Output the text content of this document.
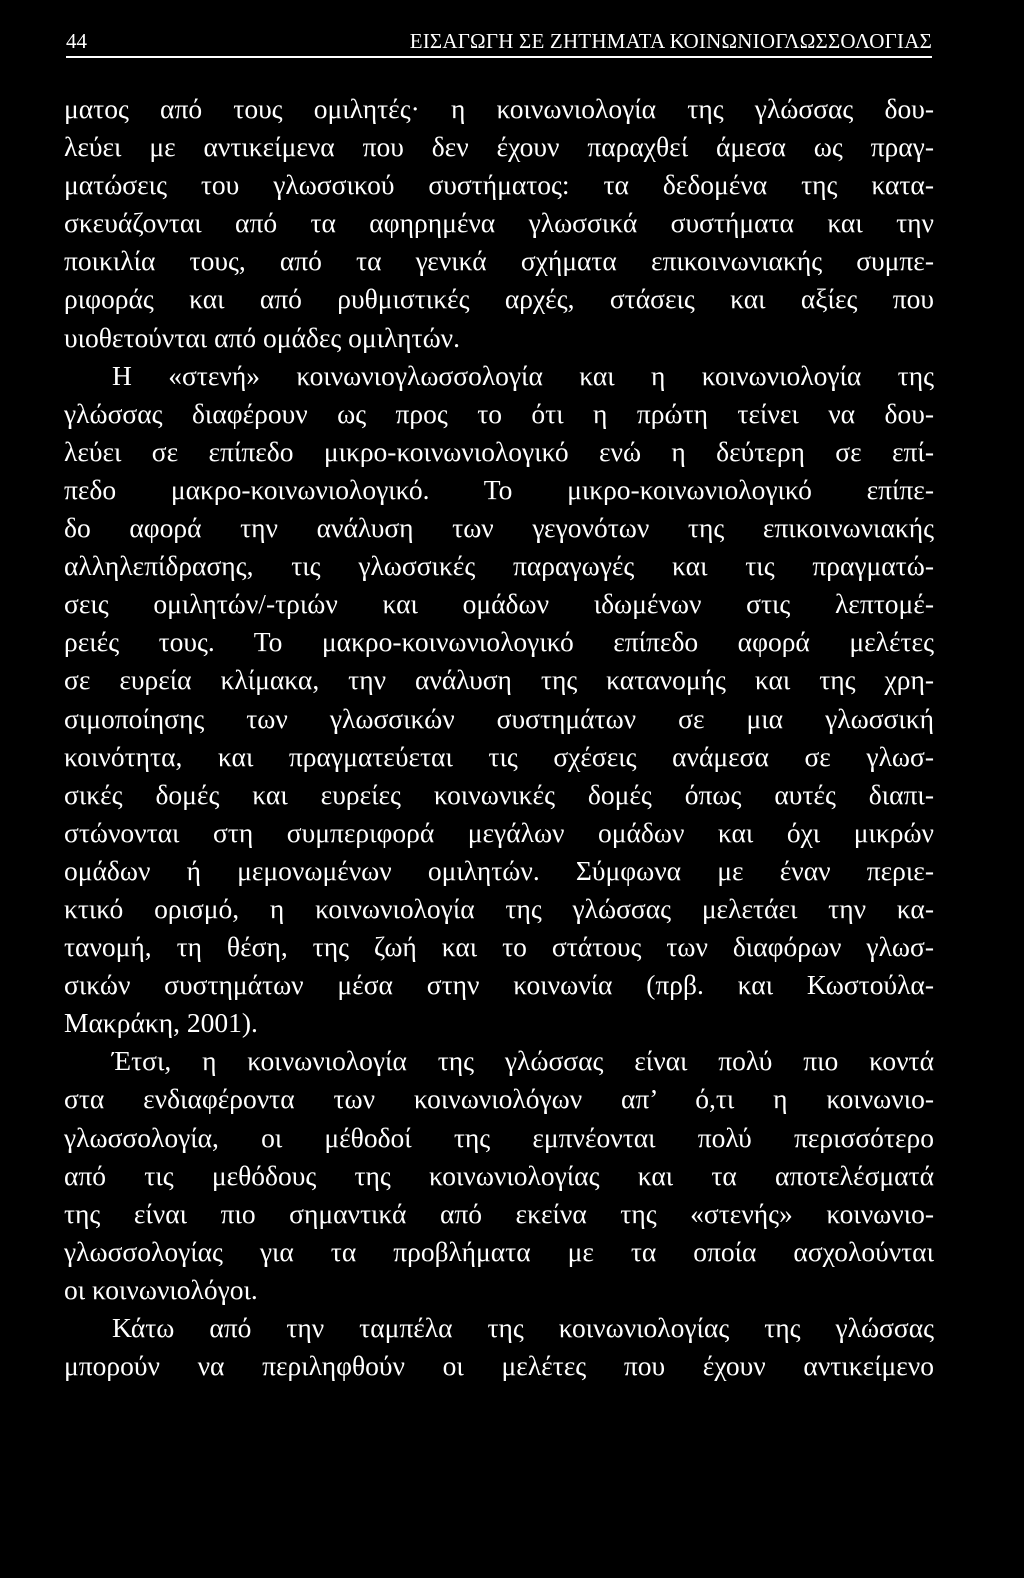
44	ΕΙΣΑΓΩΓΗ ΣΕ ΖΗΤΗΜΑΤΑ ΚΟΙΝΩΝΙΟΓΛΩΣΣΟΛΟΓΙΑΣ
ματος από τους ομιλητές· η κοινωνιολογία της γλώσσας δου-
λεύει με αντικείμενα που δεν έχουν παραχθεί άμεσα ως πραγ-
ματώσεις του γλωσσικού συστήματος: τα δεδομένα της κατα-
σκευάζονται από τα αφηρημένα γλωσσικά συστήματα και την
ποικιλία τους, από τα γενικά σχήματα επικοινωνιακής συμπε-
ριφοράς και από ρυθμιστικές αρχές, στάσεις και αξίες που
υιοθετούνται από ομάδες ομιλητών.
Η «στενή» κοινωνιογλωσσολογία και η κοινωνιολογία της
γλώσσας διαφέρουν ως προς το ότι η πρώτη τείνει να δου-
λεύει σε επίπεδο μικρο-κοινωνιολογικό ενώ η δεύτερη σε επί-
πεδο μακρο-κοινωνιολογικό. Το μικρο-κοινωνιολογικό επίπε-
δο αφορά την ανάλυση των γεγονότων της επικοινωνιακής
αλληλεπίδρασης, τις γλωσσικές παραγωγές και τις πραγματώ-
σεις ομιλητών/-τριών και ομάδων ιδωμένων στις λεπτομέ-
ρειές τους. Το μακρο-κοινωνιολογικό επίπεδο αφορά μελέτες
σε ευρεία κλίμακα, την ανάλυση της κατανομής και της χρη-
σιμοποίησης των γλωσσικών συστημάτων σε μια γλωσσική
κοινότητα, και πραγματεύεται τις σχέσεις ανάμεσα σε γλωσ-
σικές δομές και ευρείες κοινωνικές δομές όπως αυτές διαπι-
στώνονται στη συμπεριφορά μεγάλων ομάδων και όχι μικρών
ομάδων ή μεμονωμένων ομιλητών. Σύμφωνα με έναν περιε-
κτικό ορισμό, η κοινωνιολογία της γλώσσας μελετάει την κα-
τανομή, τη θέση, της ζωή και το στάτους των διαφόρων γλωσ-
σικών συστημάτων μέσα στην κοινωνία (πρβ. και Κωστούλα-
Μακράκη, 2001).
Έτσι, η κοινωνιολογία της γλώσσας είναι πολύ πιο κοντά
στα ενδιαφέροντα των κοινωνιολόγων απ’ ό,τι η κοινωνιο-
γλωσσολογία, οι μέθοδοί της εμπνέονται πολύ περισσότερο
από τις μεθόδους της κοινωνιολογίας και τα αποτελέσματά
της είναι πιο σημαντικά από εκείνα της «στενής» κοινωνιο-
γλωσσολογίας για τα προβλήματα με τα οποία ασχολούνται
οι κοινωνιολόγοι.
Κάτω από την ταμπέλα της κοινωνιολογίας της γλώσσας
μπορούν να περιληφθούν οι μελέτες που έχουν αντικείμενο
